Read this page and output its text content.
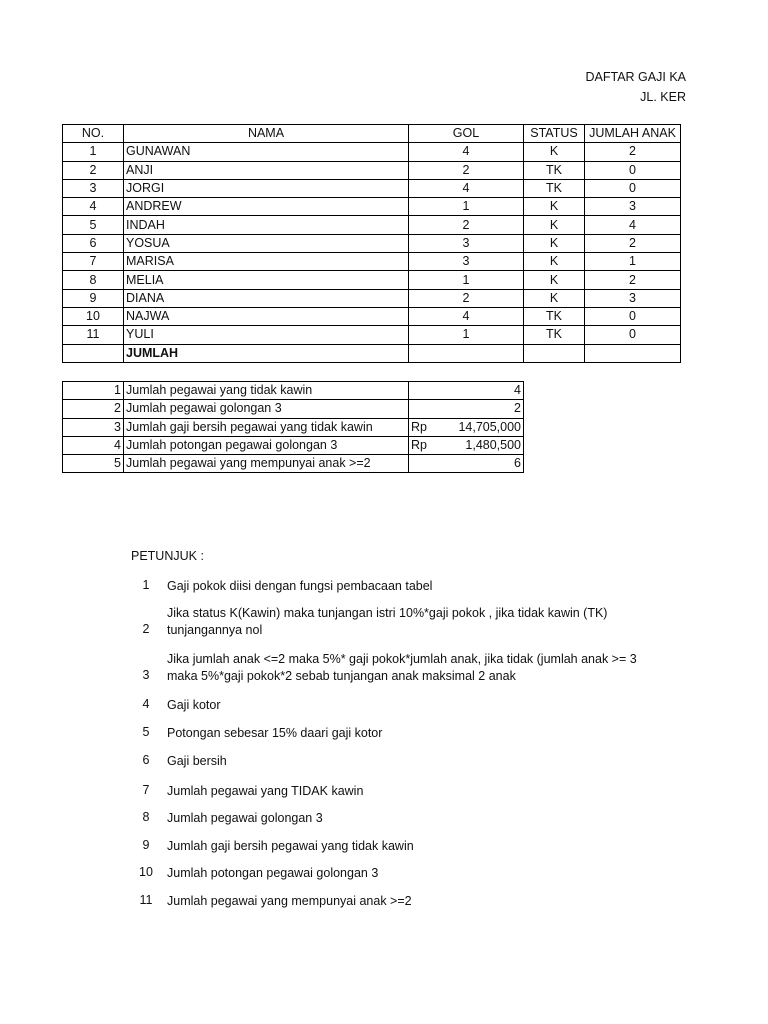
DAFTAR GAJI KA
JL. KER
NO.	NAMA	GOL	STATUS	JUMLAH ANAK
1	GUNAWAN	4	K	2
2	ANJI	2	TK	0
3	JORGI	4	TK	0
4	ANDREW	1	K	3
5	INDAH	2	K	4
6	YOSUA	3	K	2
7	MARISA	3	K	1
8	MELIA	1	K	2
9	DIANA	2	K	3
10	NAJWA	4	TK	0
11	YULI	1	TK	0
	JUMLAH			
1	Jumlah pegawai yang tidak kawin	4

2	Jumlah pegawai golongan 3	2

3	Jumlah gaji bersih pegawai yang tidak kawin	Rp 14,705,000

4	Jumlah potongan pegawai golongan 3	Rp 1,480,500

5	Jumlah pegawai yang mempunyai anak >=2	6
PETUNJUK :
1	Gaji pokok diisi dengan fungsi pembacaan tabel
2
Jika status K(Kawin) maka tunjangan istri 10%*gaji pokok , jika tidak kawin (TK)
tunjangannya nol
3
Jika jumlah anak <=2 maka 5%* gaji pokok*jumlah anak, jika tidak (jumlah anak >= 3
maka 5%*gaji pokok*2 sebab tunjangan anak maksimal 2 anak
4	Gaji kotor
5	Potongan sebesar 15% daari gaji kotor
6	Gaji bersih
7	Jumlah pegawai yang TIDAK kawin
8	Jumlah pegawai golongan 3
9	Jumlah gaji bersih pegawai yang tidak kawin
10	Jumlah potongan pegawai golongan 3
11	Jumlah pegawai yang mempunyai anak >=2
